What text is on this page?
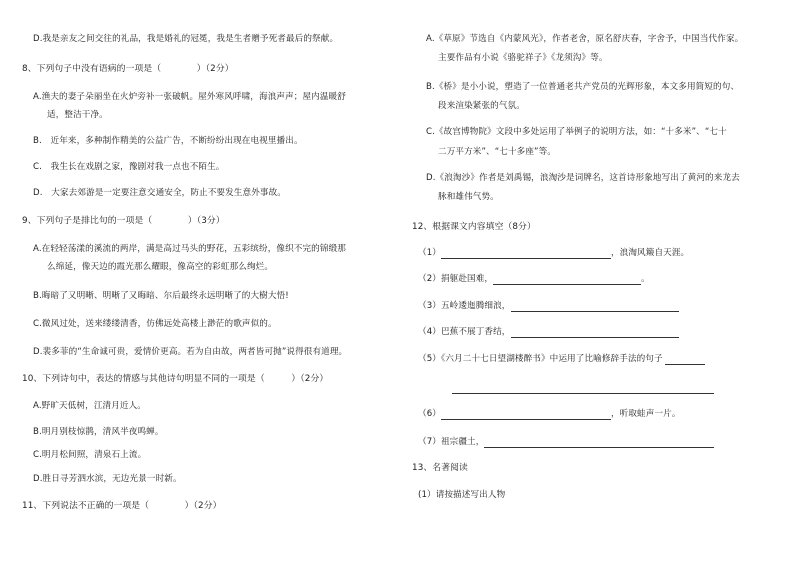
D.我是亲友之间交往的礼品，我是婚礼的冠冕，我是生者赠予死者最后的祭献。
8、下列句子中没有语病的一项是（　　　　）（2分）
A.渔夫的妻子朵丽坐在火炉旁补一张破帆。屋外寒风呼啸，海浪声声；屋内温暖舒
适，整洁干净。
B.　近年来，多种制作精美的公益广告，不断纷纷出现在电视里播出。
C.　我生长在戏剧之家，豫剧对我一点也不陌生。
D.　大家去郊游是一定要注意交通安全，防止不要发生意外事故。
9、下列句子是排比句的一项是（　　　　）（3分）
A.在轻轻荡漾的溪流的两岸，满是高过马头的野花，五彩缤纷，像织不完的锦缎那
么绵延，像天边的霞光那么耀眼，像高空的彩虹那么绚烂。
B.晦暗了又明晰、明晰了又晦暗、尔后最终永远明晰了的大樹大悟!
C.微风过处，送来缕缕清香，仿佛远处高楼上渺茫的歌声似的。
D.裴多菲的“生命诚可贵，爱情价更高。若为自由故，两者皆可抛”说得很有道理。
10、下列诗句中，表达的情感与其他诗句明显不同的一项是（　　　）（2分）
A.野旷天低树，江清月近人。
B.明月别枝惊鹊，清风半夜鸣蝉。
C.明月松间照，清泉石上流。
D.胜日寻芳泗水滨，无边光景一时新。
11、下列说法不正确的一项是（　　　　）（2分）
A.《草原》节选自《内蒙风光》，作者老舍，原名舒庆春，字舍予，中国当代作家。
主要作品有小说《骆驼祥子》《龙须沟》等。
B.《桥》是小小说，塑造了一位普通老共产党员的光辉形象，本文多用简短的句、
段来渲染紧张的气氛。
C.《故宫博物院》文段中多处运用了举例子的说明方法，如：“十多米”、“七十
二万平方米”、“七十多座”等。
D.《浪淘沙》作者是刘禹锡，浪淘沙是词牌名，这首诗形象地写出了黄河的来龙去
脉和雄伟气势。
12、根据课文内容填空（8分）
（1）	，浪淘风簸自天涯。
（2）捐躯赴国难，	。
（3）五岭逶迤腾细浪，
（4）巴蕉不展丁香结，
（5）《六月二十七日望湖楼醉书》中运用了比喻修辞手法的句子
（6）	，听取蛙声一片。
（7）祖宗疆土，
13、名著阅读
(1）请按描述写出人物
